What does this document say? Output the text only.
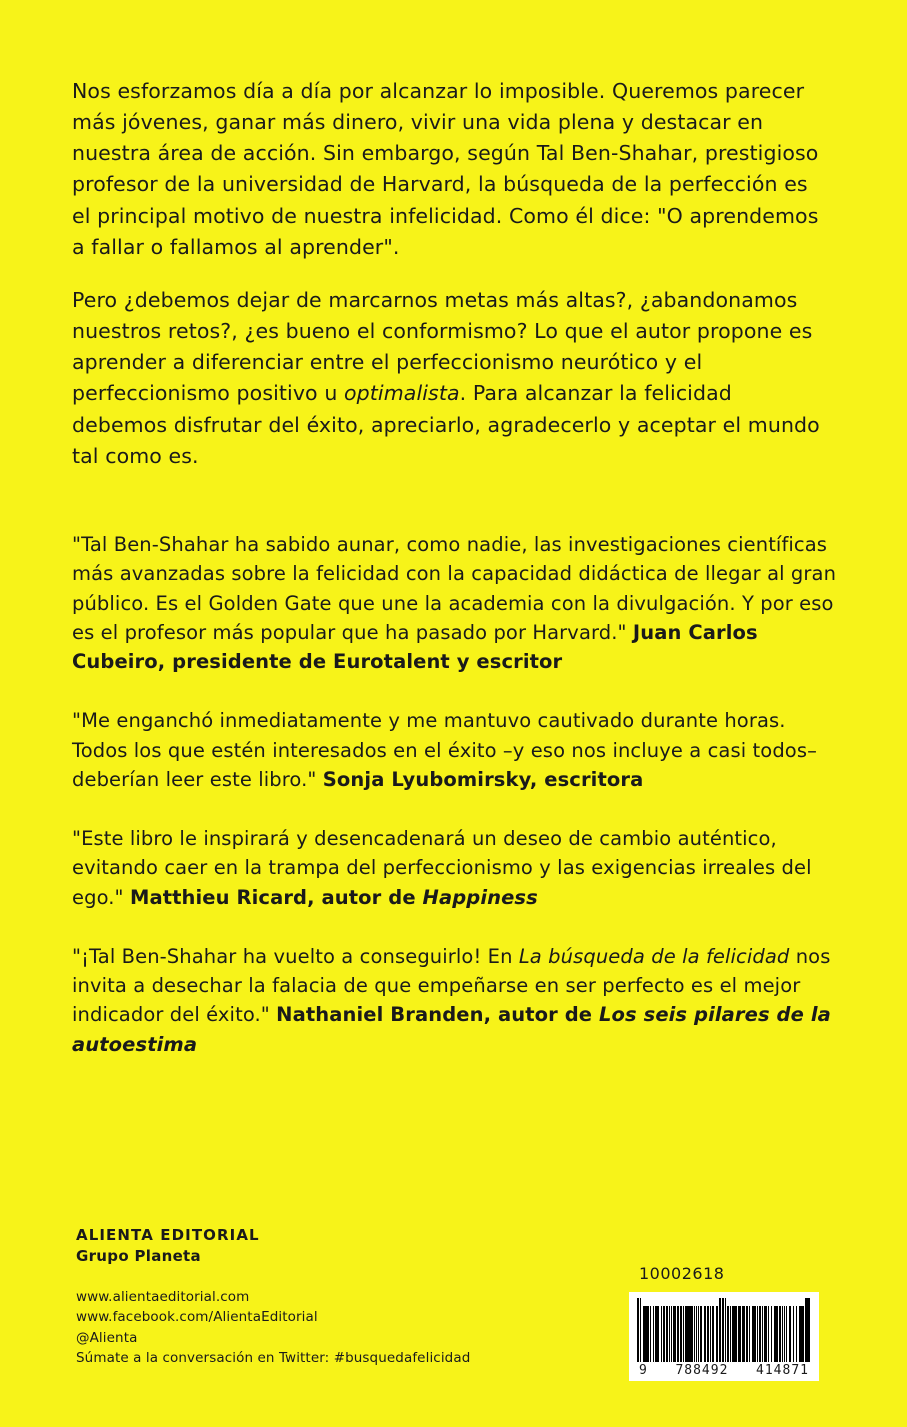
Nos esforzamos día a día por alcanzar lo imposible. Queremos parecer más jóvenes, ganar más dinero, vivir una vida plena y destacar en nuestra área de acción. Sin embargo, según Tal Ben-Shahar, prestigioso profesor de la universidad de Harvard, la búsqueda de la perfección es el principal motivo de nuestra infelicidad. Como él dice: "O aprendemos a fallar o fallamos al aprender".

Pero ¿debemos dejar de marcarnos metas más altas?, ¿abandonamos nuestros retos?, ¿es bueno el conformismo? Lo que el autor propone es aprender a diferenciar entre el perfeccionismo neurótico y el perfeccionismo positivo u optimalista. Para alcanzar la felicidad debemos disfrutar del éxito, apreciarlo, agradecerlo y aceptar el mundo tal como es.

"Tal Ben-Shahar ha sabido aunar, como nadie, las investigaciones científicas más avanzadas sobre la felicidad con la capacidad didáctica de llegar al gran público. Es el Golden Gate que une la academia con la divulgación. Y por eso es el profesor más popular que ha pasado por Harvard." Juan Carlos Cubeiro, presidente de Eurotalent y escritor

"Me enganchó inmediatamente y me mantuvo cautivado durante horas. Todos los que estén interesados en el éxito –y eso nos incluye a casi todos– deberían leer este libro." Sonja Lyubomirsky, escritora

"Este libro le inspirará y desencadenará un deseo de cambio auténtico, evitando caer en la trampa del perfeccionismo y las exigencias irreales del ego." Matthieu Ricard, autor de Happiness

"¡Tal Ben-Shahar ha vuelto a conseguirlo! En La búsqueda de la felicidad nos invita a desechar la falacia de que empeñarse en ser perfecto es el mejor indicador del éxito." Nathaniel Branden, autor de Los seis pilares de la autoestima

ALIENTA EDITORIAL
Grupo Planeta
www.alientaeditorial.com
www.facebook.com/AlientaEditorial
@Alienta
Súmate a la conversación en Twitter: #busquedafelicidad
10002618
9 788492 414871
